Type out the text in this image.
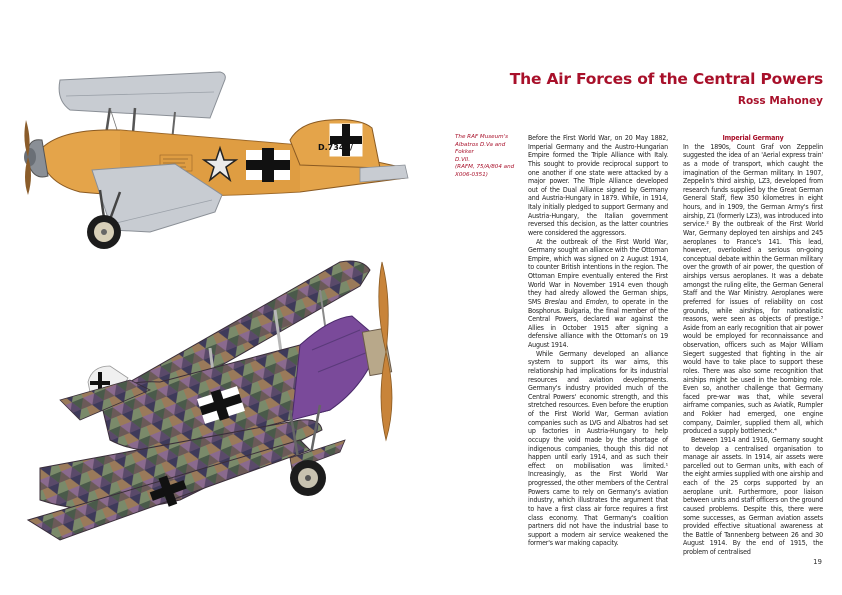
D.7343/
The Air Forces of the Central Powers
Ross Mahoney
The RAF Museum's
Albatros D.Va and Fokker
D.VII.
(RAFM, 75/A/804 and
X006-0351)

Before the First World War, on 20 May 1882, Imperial Germany and the Austro-Hungarian Empire formed the Triple Alliance with Italy. This sought to provide reciprocal support to one another if one state were attacked by a major power. The Triple Alliance developed out of the Dual Alliance signed by Germany and Austria-Hungary in 1879. While, in 1914, Italy initially pledged to support Germany and Austria-Hungary, the Italian government reversed this decision, as the latter countries were considered the aggressors.

At the outbreak of the First World War, Germany sought an alliance with the Ottoman Empire, which was signed on 2 August 1914, to counter British intentions in the region. The Ottoman Empire eventually entered the First World War in November 1914 even though they had alredy allowed the German ships, SMS Breslau and Emden, to operate in the Bosphorus. Bulgaria, the final member of the Central Powers, declared war against the Allies in October 1915 after signing a defensive alliance with the Ottoman's on 19 August 1914.

While Germany developed an alliance system to support its war aims, this relationship had implications for its industrial resources and aviation developments. Germany's industry provided much of the Central Powers' economic strength, and this stretched resources. Even before the eruption of the First World War, German aviation companies such as LVG and Albatros had set up factories in Austria-Hungary to help occupy the void made by the shortage of indigenous companies, though this did not happen until early 1914, and as such their effect on mobilisation was limited.¹ Increasingly, as the First World War progressed, the other members of the Central Powers came to rely on Germany's aviation industry, which illustrates the argument that to have a first class air force requires a first class economy. That Germany's coalition partners did not have the industrial base to support a modern air service weakened the former's war making capacity.

Imperial Germany

In the 1890s, Count Graf von Zeppelin suggested the idea of an 'Aerial express train' as a mode of transport, which caught the imagination of the German military. In 1907, Zeppelin's third airship, LZ3, developed from research funds supplied by the Great German General Staff, flew 350 kilometres in eight hours, and in 1909, the German Army's first airship, Z1 (formerly LZ3), was introduced into service.² By the outbreak of the First World War, Germany deployed ten airships and 245 aeroplanes to France's 141. This lead, however, overlooked a serious on-going conceptual debate within the German military over the growth of air power, the question of airships versus aeroplanes. It was a debate amongst the ruling elite, the German General Staff and the War Ministry. Aeroplanes were preferred for issues of reliability on cost grounds, while airships, for nationalistic reasons, were seen as objects of prestige.³ Aside from an early recognition that air power would be employed for reconnaissance and observation, officers such as Major William Siegert suggested that fighting in the air would have to take place to support these roles. There was also some recognition that airships might be used in the bombing role. Even so, another challenge that Germany faced pre-war was that, while several airframe companies, such as Aviatik, Rumpler and Fokker had emerged, one engine company, Daimler, supplied them all, which produced a supply bottleneck.⁴

Between 1914 and 1916, Germany sought to develop a centralised organisation to manage air assets. In 1914, air assets were parcelled out to German units, with each of the eight armies supplied with one airship and each of the 25 corps supported by an aeroplane unit. Furthermore, poor liaison between units and staff officers on the ground caused problems. Despite this, there were some successes, as German aviation assets provided effective situational awareness at the Battle of Tannenberg between 26 and 30 August 1914. By the end of 1915, the problem of centralised

19
